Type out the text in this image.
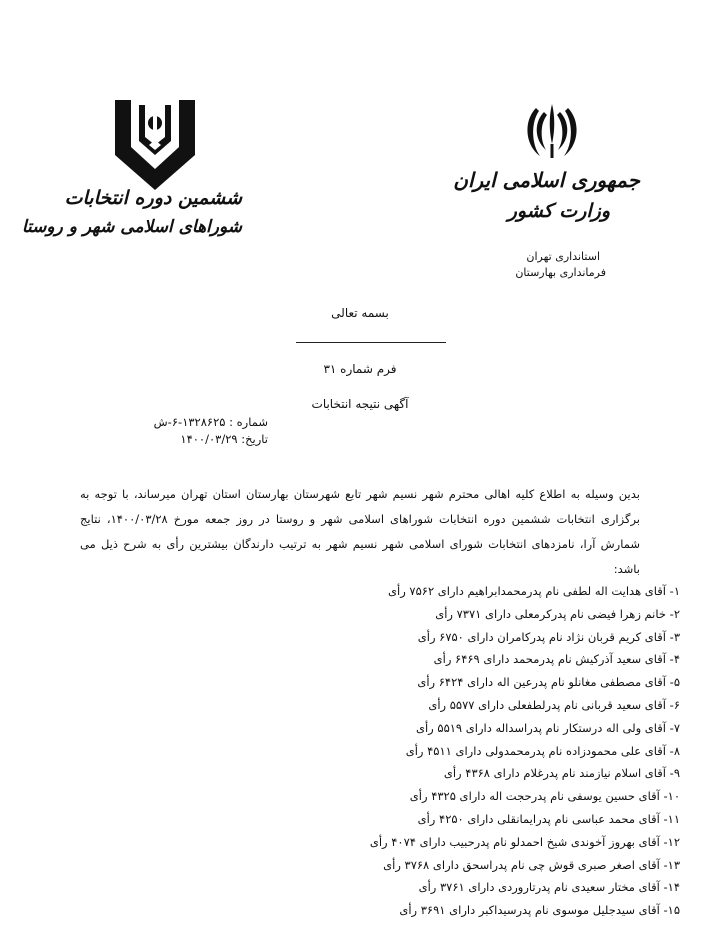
ششمین دوره انتخابات
شوراهای اسلامی شهر و روستا
جمهوری اسلامی ایران
وزارت کشور
استانداری تهران
فرمانداری بهارستان
بسمه تعالی
فرم شماره ۳۱
آگهی نتیجه انتخابات
شماره : ۱۳۲۸۶۲۵-۶-ش
تاریخ: ۱۴۰۰/۰۳/۲۹
بدین وسیله به اطلاع کلیه اهالی محترم شهر نسیم شهر تابع شهرستان بهارستان استان تهران میرساند، با توجه به برگزاری انتخابات ششمین دوره انتخابات شوراهای اسلامی شهر و روستا در روز جمعه مورخ ۱۴۰۰/۰۳/۲۸، نتایج شمارش آرا، نامزدهای انتخابات شورای اسلامی شهر نسیم شهر به ترتیب دارندگان بیشترین رأی به شرح ذیل می باشد:
۱- آقای هدایت اله لطفی نام پدرمحمدابراهیم دارای ۷۵۶۲ رأی
۲- خانم زهرا فیضی نام پدرکرمعلی دارای ۷۳۷۱ رأی
۳- آقای کریم قربان نژاد نام پدرکامران دارای ۶۷۵۰ رأی
۴- آقای سعید آذرکیش نام پدرمحمد دارای ۶۴۶۹ رأی
۵- آقای مصطفی مغانلو نام پدرعین اله دارای ۶۴۲۴ رأی
۶- آقای سعید قربانی نام پدرلطفعلی دارای ۵۵۷۷ رأی
۷- آقای ولی اله درستکار نام پدراسداله دارای ۵۵۱۹ رأی
۸- آقای علی محمودزاده نام پدرمحمدولی دارای ۴۵۱۱ رأی
۹- آقای اسلام نیازمند نام پدرغلام دارای ۴۳۶۸ رأی
۱۰- آقای حسین یوسفی نام پدرحجت اله دارای ۴۳۲۵ رأی
۱۱- آقای محمد عباسی نام پدرایمانقلی دارای ۴۲۵۰ رأی
۱۲- آقای بهروز آخوندی شیخ احمدلو نام پدرحبیب دارای ۴۰۷۴ رأی
۱۳- آقای اصغر صبری قوش چی نام پدراسحق دارای ۳۷۶۸ رأی
۱۴- آقای مختار سعیدی نام پدرتاروردی دارای ۳۷۶۱ رأی
۱۵- آقای سیدجلیل موسوی نام پدرسیداکبر دارای ۳۶۹۱ رأی
